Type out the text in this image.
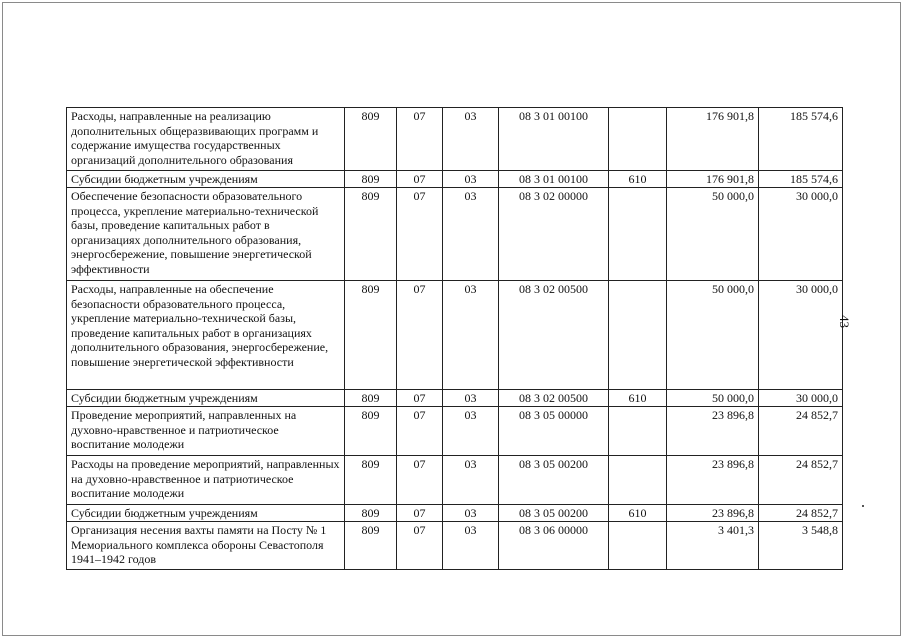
Расходы, направленные на реализацию дополнительных общеразвивающих программ и содержание имущества государственных организаций дополнительного образования	809	07	03	08 3 01 00100		176 901,8	185 574,6
Субсидии бюджетным учреждениям	809	07	03	08 3 01 00100	610	176 901,8	185 574,6
Обеспечение безопасности образовательного процесса, укрепление материально-технической базы, проведение капитальных работ в организациях дополнительного образования, энергосбережение, повышение энергетической эффективности	809	07	03	08 3 02 00000		50 000,0	30 000,0
Расходы, направленные на обеспечение безопасности образовательного процесса, укрепление материально-технической базы, проведение капитальных работ в организациях дополнительного образования, энергосбережение, повышение энергетической эффективности	809	07	03	08 3 02 00500		50 000,0	30 000,0
Субсидии бюджетным учреждениям	809	07	03	08 3 02 00500	610	50 000,0	30 000,0
Проведение мероприятий, направленных на духовно-нравственное и патриотическое воспитание молодежи	809	07	03	08 3 05 00000		23 896,8	24 852,7
Расходы на проведение мероприятий, направленных на духовно-нравственное и патриотическое воспитание молодежи	809	07	03	08 3 05 00200		23 896,8	24 852,7
Субсидии бюджетным учреждениям	809	07	03	08 3 05 00200	610	23 896,8	24 852,7
Организация несения вахты памяти на Посту № 1 Мемориального комплекса обороны Севастополя 1941–1942 годов	809	07	03	08 3 06 00000		3 401,3	3 548,8
43
